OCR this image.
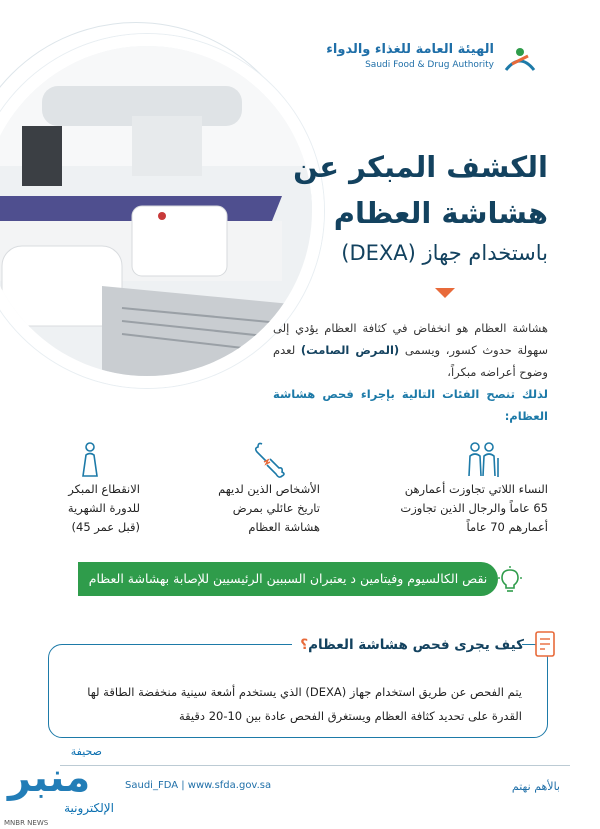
الهيئة العامة للغذاء والدواء
Saudi Food & Drug Authority
الكشف المبكر عن
هشاشة العظام
باستخدام جهاز (DEXA)
هشاشة العظام هو انخفاض في كثافة العظام يؤدي إلى سهولة حدوث كسور، ويسمى (المرض الصامت) لعدم وضوح أعراضه مبكراً،
لذلك تنصح الفئات التالية بإجراء فحص هشاشة العظام:
النساء اللاتي تجاوزت أعمارهن
65 عاماً والرجال الذين تجاوزت
أعمارهم 70 عاماً
الأشخاص الذين لديهم
تاريخ عائلي بمرض
هشاشة العظام
الانقطاع المبكر
للدورة الشهرية
(قبل عمر 45)
نقص الكالسيوم وفيتامين د يعتبران السببين الرئيسيين للإصابة بهشاشة العظام
كيف يجرى فحص هشاشة العظام؟
يتم الفحص عن طريق استخدام جهاز (DEXA) الذي يستخدم أشعة سينية منخفضة الطاقة لها القدرة على تحديد كثافة العظام ويستغرق الفحص عادة بين 10-20 دقيقة
بالأهم نهتم
Saudi_FDA | www.sfda.gov.sa
صحيفة
منبر
الإلكترونية
MNBR NEWS
